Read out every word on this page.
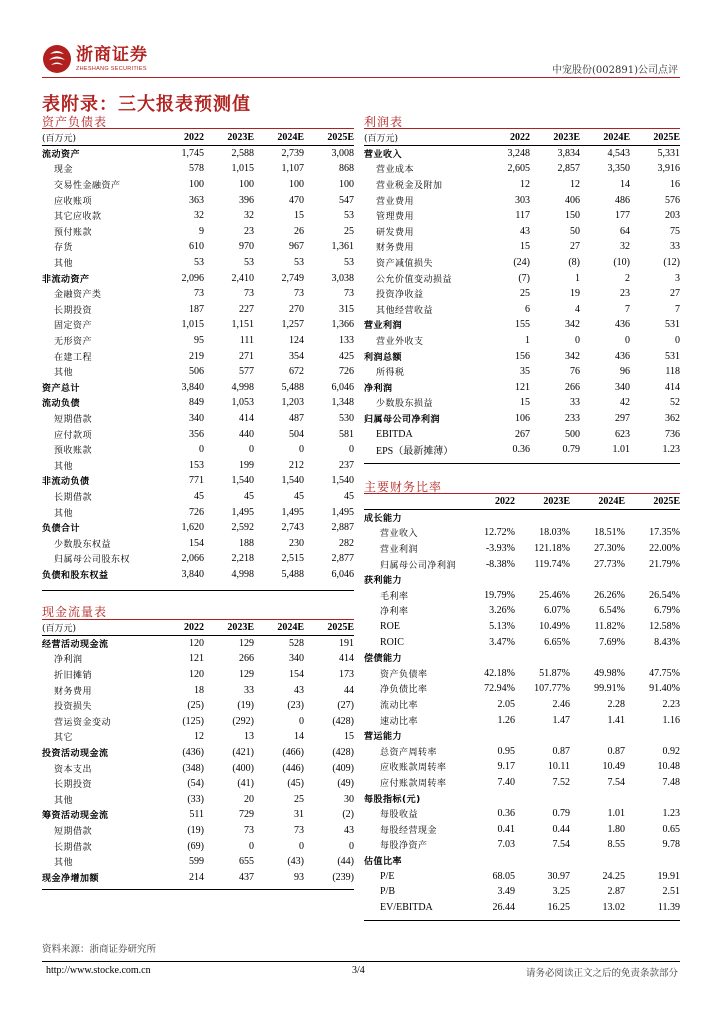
浙商证券
ZHESHANG SECURITIES	中宠股份(002891)公司点评
表附录：三大报表预测值
资产负债表
(百万元)	2022	2023E	2024E	2025E
流动资产	1,745	2,588	2,739	3,008
现金	578	1,015	1,107	868
交易性金融资产	100	100	100	100
应收账项	363	396	470	547
其它应收款	32	32	15	53
预付账款	9	23	26	25
存货	610	970	967	1,361
其他	53	53	53	53
非流动资产	2,096	2,410	2,749	3,038
金融资产类	73	73	73	73
长期投资	187	227	270	315
固定资产	1,015	1,151	1,257	1,366
无形资产	95	111	124	133
在建工程	219	271	354	425
其他	506	577	672	726
资产总计	3,840	4,998	5,488	6,046
流动负债	849	1,053	1,203	1,348
短期借款	340	414	487	530
应付款项	356	440	504	581
预收账款	0	0	0	0
其他	153	199	212	237
非流动负债	771	1,540	1,540	1,540
长期借款	45	45	45	45
其他	726	1,495	1,495	1,495
负债合计	1,620	2,592	2,743	2,887
少数股东权益	154	188	230	282
归属母公司股东权	2,066	2,218	2,515	2,877
负债和股东权益	3,840	4,998	5,488	6,046
现金流量表
(百万元)	2022	2023E	2024E	2025E
经营活动现金流	120	129	528	191
净利润	121	266	340	414
折旧摊销	120	129	154	173
财务费用	18	33	43	44
投资损失	(25)	(19)	(23)	(27)
营运资金变动	(125)	(292)	0	(428)
其它	12	13	14	15
投资活动现金流	(436)	(421)	(466)	(428)
资本支出	(348)	(400)	(446)	(409)
长期投资	(54)	(41)	(45)	(49)
其他	(33)	20	25	30
筹资活动现金流	511	729	31	(2)
短期借款	(19)	73	73	43
长期借款	(69)	0	0	0
其他	599	655	(43)	(44)
现金净增加额	214	437	93	(239)
利润表
(百万元)	2022	2023E	2024E	2025E
营业收入	3,248	3,834	4,543	5,331
营业成本	2,605	2,857	3,350	3,916
营业税金及附加	12	12	14	16
营业费用	303	406	486	576
管理费用	117	150	177	203
研发费用	43	50	64	75
财务费用	15	27	32	33
资产减值损失	(24)	(8)	(10)	(12)
公允价值变动损益	(7)	1	2	3
投资净收益	25	19	23	27
其他经营收益	6	4	7	7
营业利润	155	342	436	531
营业外收支	1	0	0	0
利润总额	156	342	436	531
所得税	35	76	96	118
净利润	121	266	340	414
少数股东损益	15	33	42	52
归属母公司净利润	106	233	297	362
EBITDA	267	500	623	736
EPS（最新摊薄）	0.36	0.79	1.01	1.23
主要财务比率
	2022	2023E	2024E	2025E
成长能力				
营业收入	12.72%	18.03%	18.51%	17.35%
营业利润	-3.93%	121.18%	27.30%	22.00%
归属母公司净利润	-8.38%	119.74%	27.73%	21.79%
获利能力				
毛利率	19.79%	25.46%	26.26%	26.54%
净利率	3.26%	6.07%	6.54%	6.79%
ROE	5.13%	10.49%	11.82%	12.58%
ROIC	3.47%	6.65%	7.69%	8.43%
偿债能力				
资产负债率	42.18%	51.87%	49.98%	47.75%
净负债比率	72.94%	107.77%	99.91%	91.40%
流动比率	2.05	2.46	2.28	2.23
速动比率	1.26	1.47	1.41	1.16
营运能力				
总资产周转率	0.95	0.87	0.87	0.92
应收账款周转率	9.17	10.11	10.49	10.48
应付账款周转率	7.40	7.52	7.54	7.48
每股指标(元)				
每股收益	0.36	0.79	1.01	1.23
每股经营现金	0.41	0.44	1.80	0.65
每股净资产	7.03	7.54	8.55	9.78
估值比率				
P/E	68.05	30.97	24.25	19.91
P/B	3.49	3.25	2.87	2.51
EV/EBITDA	26.44	16.25	13.02	11.39
资料来源：浙商证券研究所
http://www.stocke.com.cn	3/4	请务必阅读正文之后的免责条款部分
